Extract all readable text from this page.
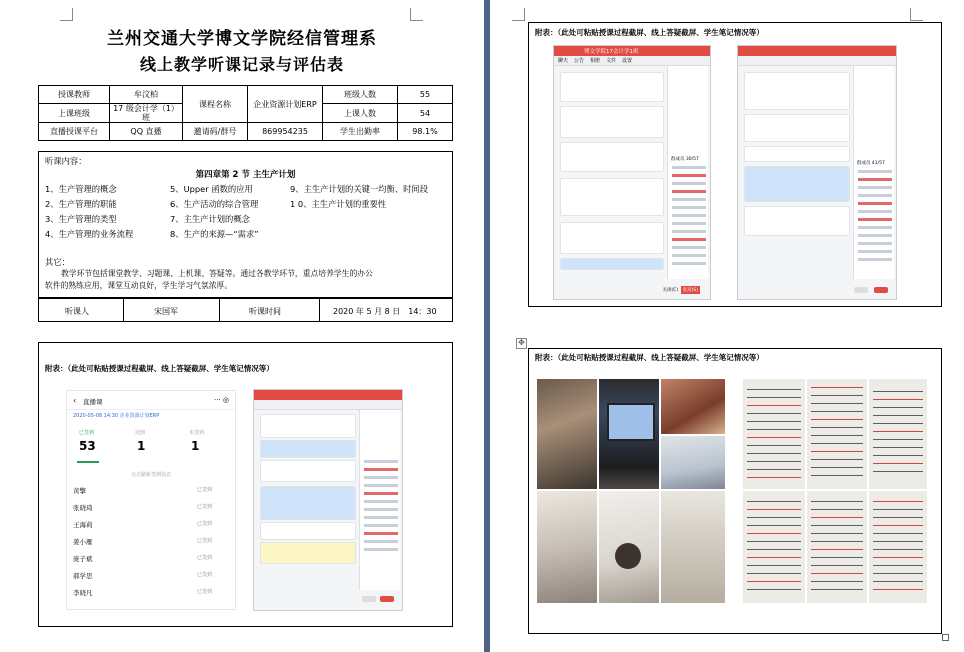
兰州交通大学博文学院经信管理系
线上教学听课记录与评估表
授课教师	牟汶柏	课程名称	企业资源计划ERP	班级人数	55
上课班级	17 级会计学（1）班			上课人数	54
直播授课平台	QQ 直播	邀请码/群号	869954235	学生出勤率	98.1%
听课内容：
第四章第 2 节 主生产计划
1、生产管理的概念
2、生产管理的职能
3、生产管理的类型
4、生产管理的业务流程
5、Upper 函数的应用
6、生产活动的综合管理
7、主生产计划的概念
8、生产的来源—“需求”
9、主生产计划的关键一均衡、时间段
1 0、主生产计划的重要性
其它：
教学环节包括课堂教学、习题课、上机课、答疑等。通过各教学环节，重点培养学生的办公
软件的熟练应用，课堂互动良好，学生学习气氛浓厚。
听课人	宋国军	听课时间	2020 年 5 月 8 日　14：30
附表：（此处可粘贴授课过程截屏、线上答疑截屏、学生笔记情况等）
‹ 直播课	··· ◎
2020-05-08 14:30 企业资源计划ERP
已签到
53
迟到
1
未签到
1
点击刷新签到状态
黄擎
张晓琦
王海莉
姜小雁
庞子斌
郝学思
李晓凡
已签到
已签到
已签到
已签到
已签到
已签到
已签到
附表：（此处可粘贴授课过程截屏、线上答疑截屏、学生笔记情况等）
博文学院17会计学1班
聊天 公告 相册 文件 设置
群成员 30/57
关闭(C)	发送(S)
群成员 41/57
✥
附表：（此处可粘贴授课过程截屏、线上答疑截屏、学生笔记情况等）
